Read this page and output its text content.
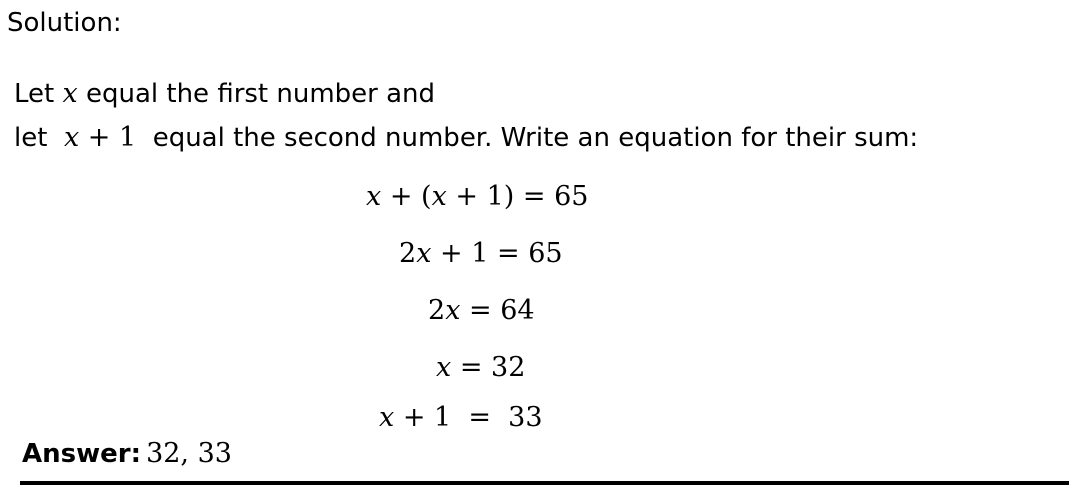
Solution:
Let x equal the first number and
let x + 1 equal the second number. Write an equation for their sum:
x + (x + 1) = 65
2x + 1 = 65
2x = 64
x = 32
x + 1  =  33
Answer: 32, 33
